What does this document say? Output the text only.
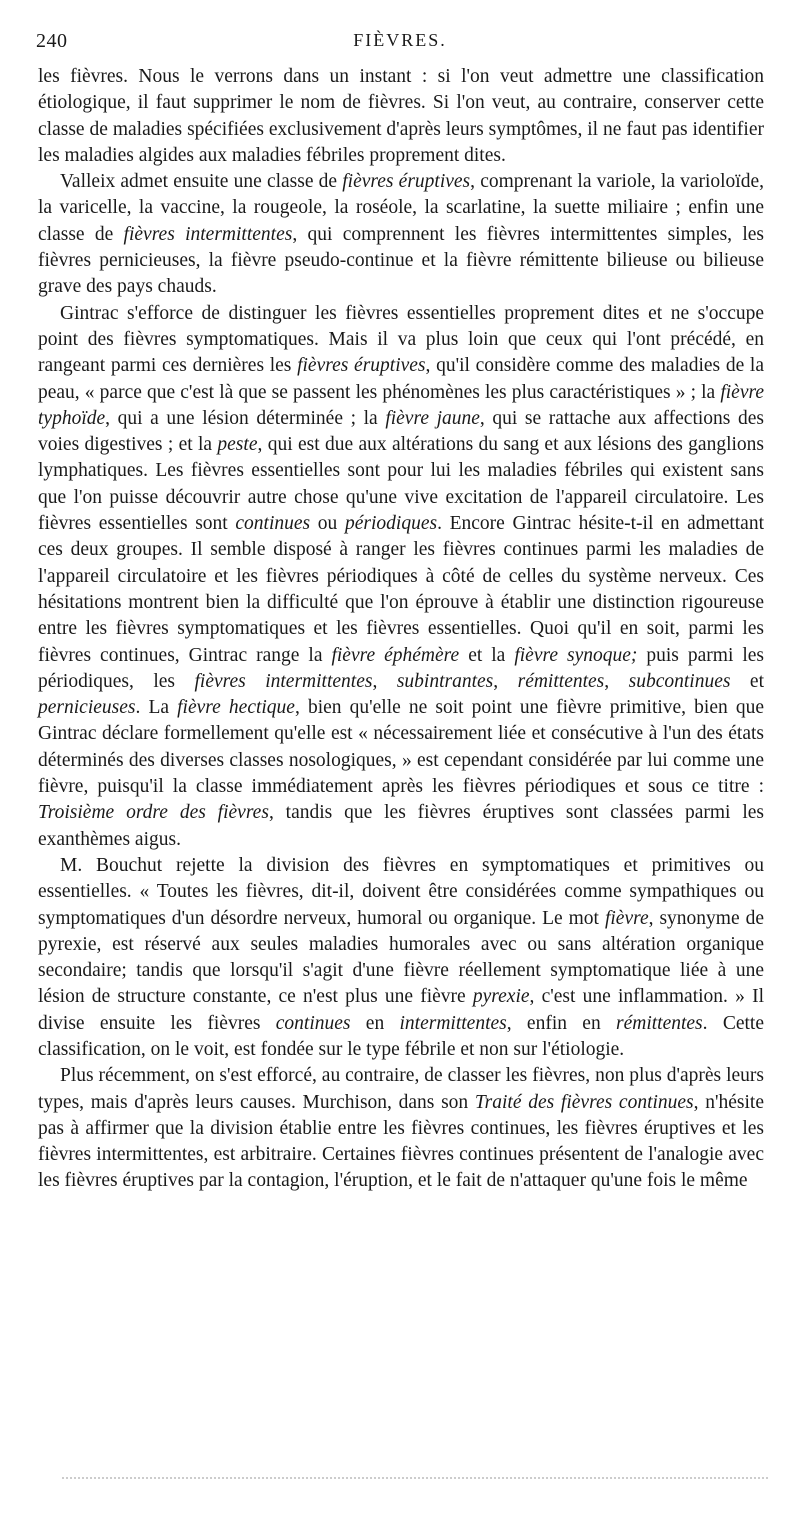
240	FIÈVRES.

les fièvres. Nous le verrons dans un instant : si l'on veut admettre une classification étiologique, il faut supprimer le nom de fièvres. Si l'on veut, au contraire, conserver cette classe de maladies spécifiées exclusivement d'après leurs symptômes, il ne faut pas identifier les maladies algides aux maladies fébriles proprement dites.

Valleix admet ensuite une classe de fièvres éruptives, comprenant la variole, la varioloïde, la varicelle, la vaccine, la rougeole, la roséole, la scarlatine, la suette miliaire ; enfin une classe de fièvres intermittentes, qui comprennent les fièvres intermittentes simples, les fièvres pernicieuses, la fièvre pseudo-continue et la fièvre rémittente bilieuse ou bilieuse grave des pays chauds.

Gintrac s'efforce de distinguer les fièvres essentielles proprement dites et ne s'occupe point des fièvres symptomatiques. Mais il va plus loin que ceux qui l'ont précédé, en rangeant parmi ces dernières les fièvres éruptives, qu'il considère comme des maladies de la peau, « parce que c'est là que se passent les phénomènes les plus caractéristiques » ; la fièvre typhoïde, qui a une lésion déterminée ; la fièvre jaune, qui se rattache aux affections des voies digestives ; et la peste, qui est due aux altérations du sang et aux lésions des ganglions lymphatiques. Les fièvres essentielles sont pour lui les maladies fébriles qui existent sans que l'on puisse découvrir autre chose qu'une vive excitation de l'appareil circulatoire. Les fièvres essentielles sont continues ou périodiques. Encore Gintrac hésite-t-il en admettant ces deux groupes. Il semble disposé à ranger les fièvres continues parmi les maladies de l'appareil circulatoire et les fièvres périodiques à côté de celles du système nerveux. Ces hésitations montrent bien la difficulté que l'on éprouve à établir une distinction rigoureuse entre les fièvres symptomatiques et les fièvres essentielles. Quoi qu'il en soit, parmi les fièvres continues, Gintrac range la fièvre éphémère et la fièvre synoque; puis parmi les périodiques, les fièvres intermittentes, subintrantes, rémittentes, subcontinues et pernicieuses. La fièvre hectique, bien qu'elle ne soit point une fièvre primitive, bien que Gintrac déclare formellement qu'elle est « nécessairement liée et consécutive à l'un des états déterminés des diverses classes nosologiques, » est cependant considérée par lui comme une fièvre, puisqu'il la classe immédiatement après les fièvres périodiques et sous ce titre : Troisième ordre des fièvres, tandis que les fièvres éruptives sont classées parmi les exanthèmes aigus.

M. Bouchut rejette la division des fièvres en symptomatiques et primitives ou essentielles. « Toutes les fièvres, dit-il, doivent être considérées comme sympathiques ou symptomatiques d'un désordre nerveux, humoral ou organique. Le mot fièvre, synonyme de pyrexie, est réservé aux seules maladies humorales avec ou sans altération organique secondaire; tandis que lorsqu'il s'agit d'une fièvre réellement symptomatique liée à une lésion de structure constante, ce n'est plus une fièvre pyrexie, c'est une inflammation. » Il divise ensuite les fièvres continues en intermittentes, enfin en rémittentes. Cette classification, on le voit, est fondée sur le type fébrile et non sur l'étiologie.

Plus récemment, on s'est efforcé, au contraire, de classer les fièvres, non plus d'après leurs types, mais d'après leurs causes. Murchison, dans son Traité des fièvres continues, n'hésite pas à affirmer que la division établie entre les fièvres continues, les fièvres éruptives et les fièvres intermittentes, est arbitraire. Certaines fièvres continues présentent de l'analogie avec les fièvres éruptives par la contagion, l'éruption, et le fait de n'attaquer qu'une fois le même
